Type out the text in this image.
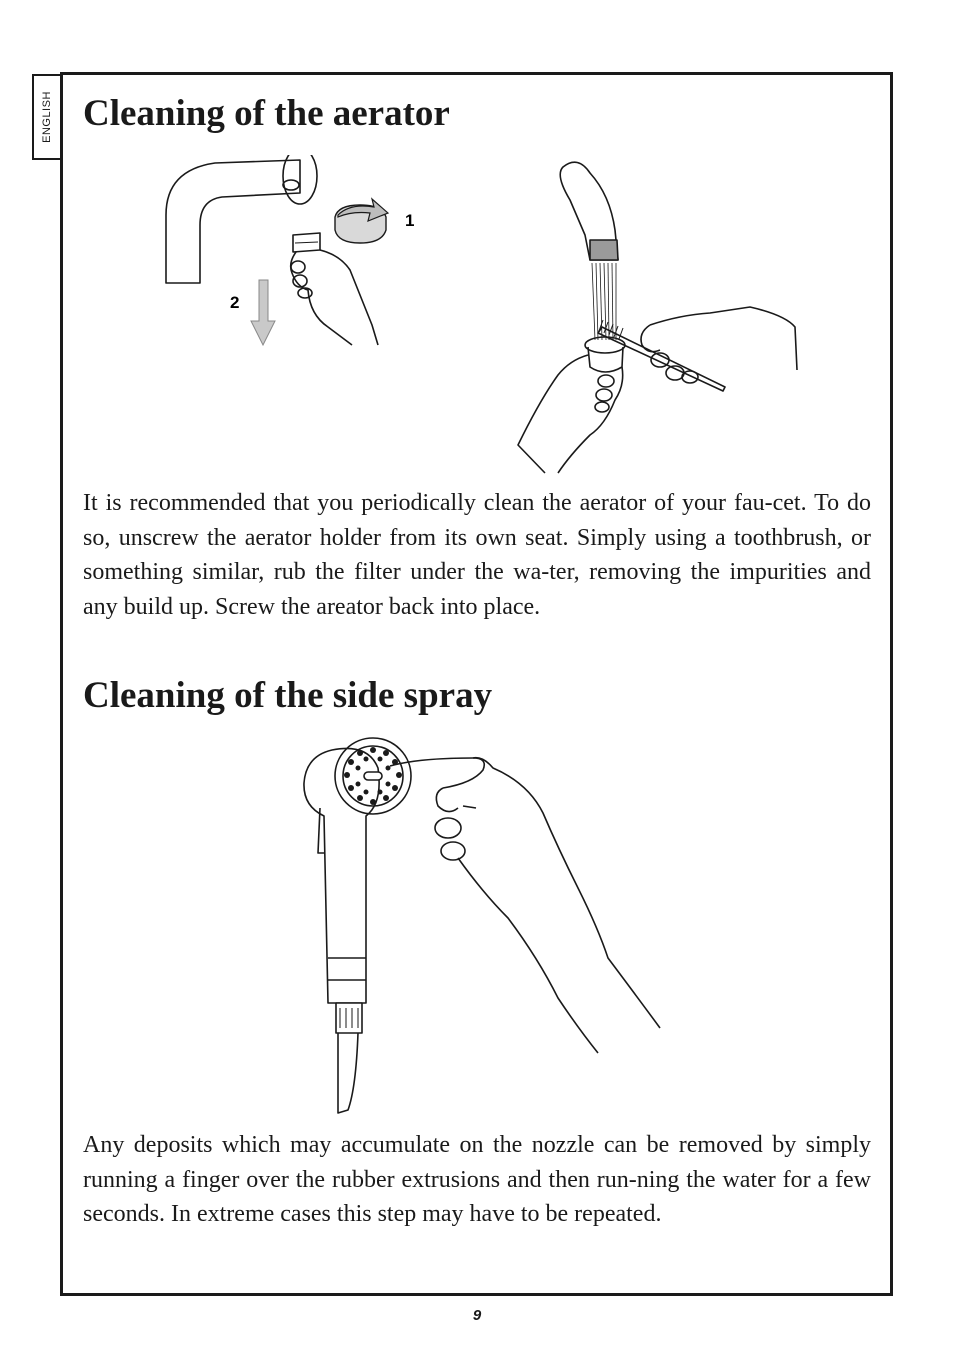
ENGLISH Cleaning of the aerator
1
2

It is recommended that you periodically clean the aerator of your fau-cet. To do so, unscrew the aerator holder from its own seat. Simply using a toothbrush, or something similar, rub the filter under the wa-ter, removing the impurities and any build up. Screw the areator back into place.

Cleaning of the side spray

Any deposits which may accumulate on the nozzle can be removed by simply running a finger over the rubber extrusions and then run-ning the water for a few seconds. In extreme cases this step may have to be repeated.

9
